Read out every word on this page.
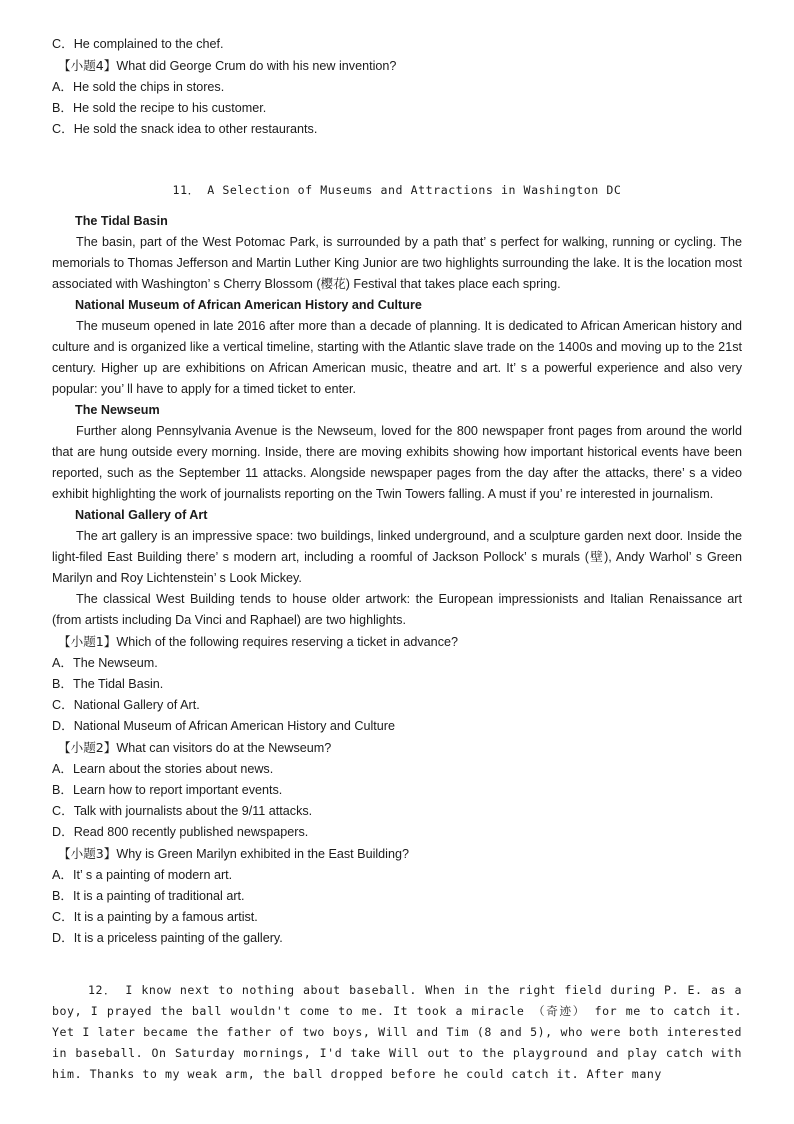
C．He complained to the chef.

【小题4】What did George Crum do with his new invention?

A．He sold the chips in stores.

B．He sold the recipe to his customer.

C．He sold the snack idea to other restaurants.

11． A Selection of Museums and Attractions in Washington DC

The Tidal Basin

The basin, part of the West Potomac Park, is surrounded by a path that’ s perfect for walking, running or cycling. The memorials to Thomas Jefferson and Martin Luther King Junior are two highlights surrounding the lake. It is the location most associated with Washington’ s Cherry Blossom (樱花) Festival that takes place each spring.

National Museum of African American History and Culture

The museum opened in late 2016 after more than a decade of planning. It is dedicated to African American history and culture and is organized like a vertical timeline, starting with the Atlantic slave trade on the 1400s and moving up to the 21st century. Higher up are exhibitions on African American music, theatre and art. It’ s a powerful experience and also very popular: you’ ll have to apply for a timed ticket to enter.

The Newseum

Further along Pennsylvania Avenue is the Newseum, loved for the 800 newspaper front pages from around the world that are hung outside every morning. Inside, there are moving exhibits showing how important historical events have been reported, such as the September 11 attacks. Alongside newspaper pages from the day after the attacks, there’ s a video exhibit highlighting the work of journalists reporting on the Twin Towers falling. A must if you’ re interested in journalism.

National Gallery of Art

The art gallery is an impressive space: two buildings, linked underground, and a sculpture garden next door. Inside the light-filed East Building there’ s modern art, including a roomful of Jackson Pollock’ s murals (壁), Andy Warhol’ s Green Marilyn and Roy Lichtenstein’ s Look Mickey.

The classical West Building tends to house older artwork: the European impressionists and Italian Renaissance art (from artists including Da Vinci and Raphael) are two highlights.

【小题1】Which of the following requires reserving a ticket in advance?

A．The Newseum.

B．The Tidal Basin.

C．National Gallery of Art.

D．National Museum of African American History and Culture

【小题2】What can visitors do at the Newseum?

A．Learn about the stories about news.

B．Learn how to report important events.

C．Talk with journalists about the 9/11 attacks.

D．Read 800 recently published newspapers.

【小题3】Why is Green Marilyn exhibited in the East Building?

A．It’ s a painting of modern art.

B．It is a painting of traditional art.

C．It is a painting by a famous artist.

D．It is a priceless painting of the gallery.

12． I know next to nothing about baseball. When in the right field during P. E. as a boy, I prayed the ball wouldn't come to me. It took a miracle （奇迹） for me to catch it. Yet I later became the father of two boys, Will and Tim (8 and 5), who were both interested in baseball. On Saturday mornings, I'd take Will out to the playground and play catch with him. Thanks to my weak arm, the ball dropped before he could catch it. After many
